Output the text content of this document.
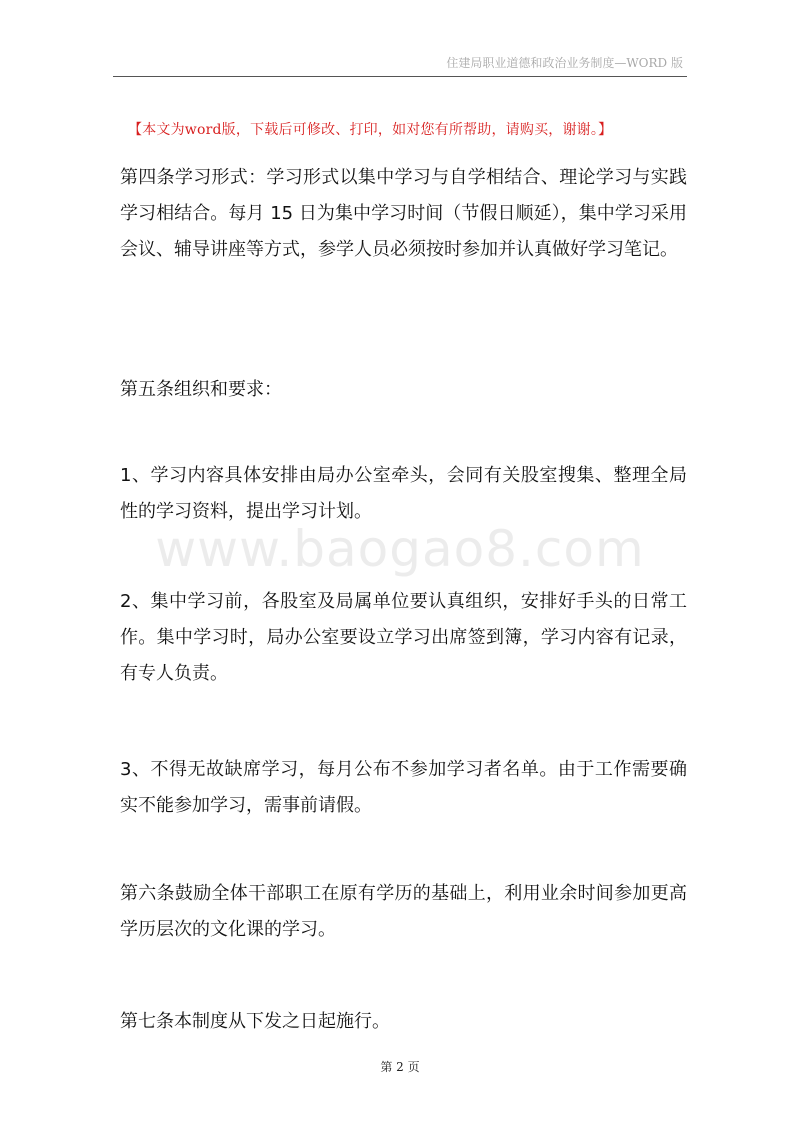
住建局职业道德和政治业务制度—WORD 版
【本文为word版，下载后可修改、打印，如对您有所帮助，请购买，谢谢。】

第四条学习形式：学习形式以集中学习与自学相结合、理论学习与实践学习相结合。每月 15 日为集中学习时间（节假日顺延），集中学习采用会议、辅导讲座等方式，参学人员必须按时参加并认真做好学习笔记。

第五条组织和要求：

1、学习内容具体安排由局办公室牵头，会同有关股室搜集、整理全局性的学习资料，提出学习计划。

2、集中学习前，各股室及局属单位要认真组织，安排好手头的日常工作。集中学习时，局办公室要设立学习出席签到簿，学习内容有记录，有专人负责。

3、不得无故缺席学习，每月公布不参加学习者名单。由于工作需要确实不能参加学习，需事前请假。

第六条鼓励全体干部职工在原有学历的基础上，利用业余时间参加更高学历层次的文化课的学习。

第七条本制度从下发之日起施行。

www.baogao8.com
第 2 页
